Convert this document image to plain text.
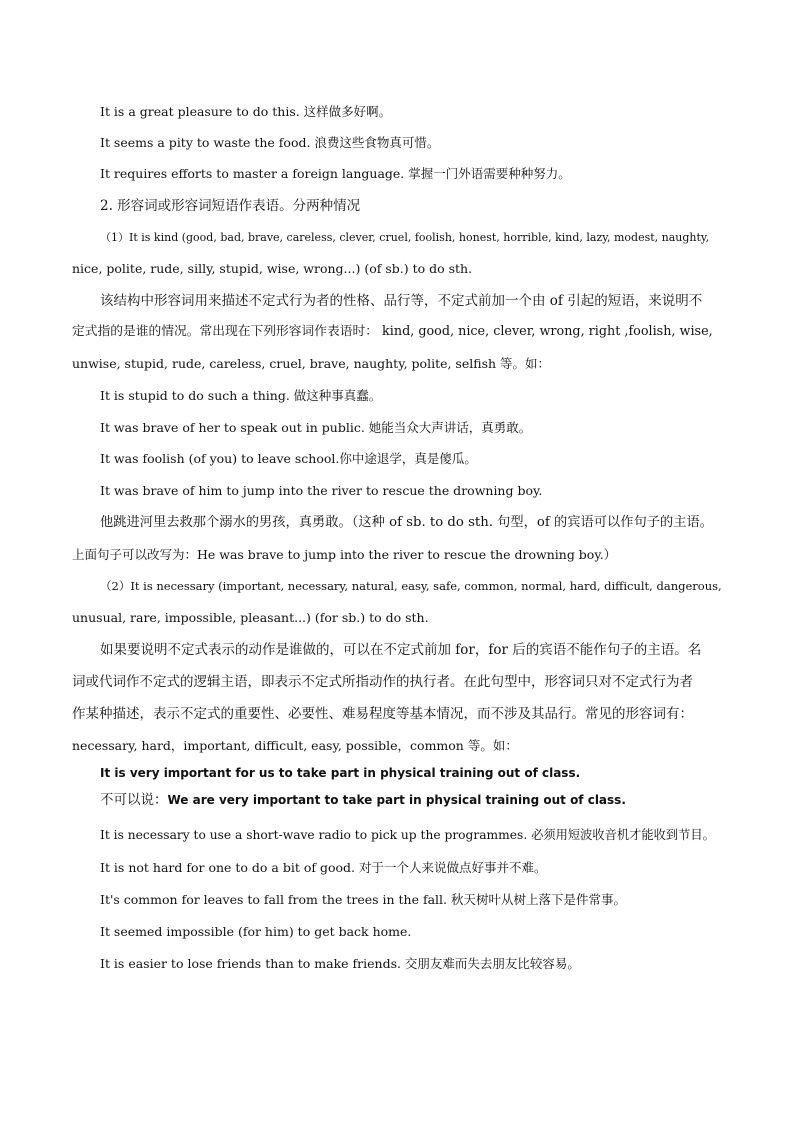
It is a great pleasure to do this. 这样做多好啊。
It seems a pity to waste the food. 浪费这些食物真可惜。
It requires efforts to master a foreign language. 掌握一门外语需要种种努力。
2. 形容词或形容词短语作表语。分两种情况
（1）It is kind (good, bad, brave, careless, clever, cruel, foolish, honest, horrible, kind, lazy, modest, naughty,
nice, polite, rude, silly, stupid, wise, wrong...) (of sb.) to do sth.
该结构中形容词用来描述不定式行为者的性格、品行等，不定式前加一个由 of 引起的短语，来说明不
定式指的是谁的情况。常出现在下列形容词作表语时： kind, good, nice, clever, wrong, right ,foolish, wise,
unwise, stupid, rude, careless, cruel, brave, naughty, polite, selfish 等。如：
It is stupid to do such a thing. 做这种事真蠢。
It was brave of her to speak out in public. 她能当众大声讲话，真勇敢。
It was foolish (of you) to leave school.你中途退学，真是傻瓜。
It was brave of him to jump into the river to rescue the drowning boy.
他跳进河里去救那个溺水的男孩，真勇敢。（这种 of sb. to do sth. 句型，of 的宾语可以作句子的主语。
上面句子可以改写为：He was brave to jump into the river to rescue the drowning boy.）
（2）It is necessary (important, necessary, natural, easy, safe, common, normal, hard, difficult, dangerous,
unusual, rare, impossible, pleasant...) (for sb.) to do sth.
如果要说明不定式表示的动作是谁做的，可以在不定式前加 for，for 后的宾语不能作句子的主语。名
词或代词作不定式的逻辑主语，即表示不定式所指动作的执行者。在此句型中，形容词只对不定式行为者
作某种描述，表示不定式的重要性、必要性、难易程度等基本情况，而不涉及其品行。常见的形容词有：
necessary, hard，important, difficult, easy, possible，common 等。如：
It is very important for us to take part in physical training out of class.
不可以说：We are very important to take part in physical training out of class.
It is necessary to use a short-wave radio to pick up the programmes. 必须用短波收音机才能收到节目。
It is not hard for one to do a bit of good. 对于一个人来说做点好事并不难。
It's common for leaves to fall from the trees in the fall. 秋天树叶从树上落下是件常事。
It seemed impossible (for him) to get back home.
It is easier to lose friends than to make friends. 交朋友难而失去朋友比较容易。
